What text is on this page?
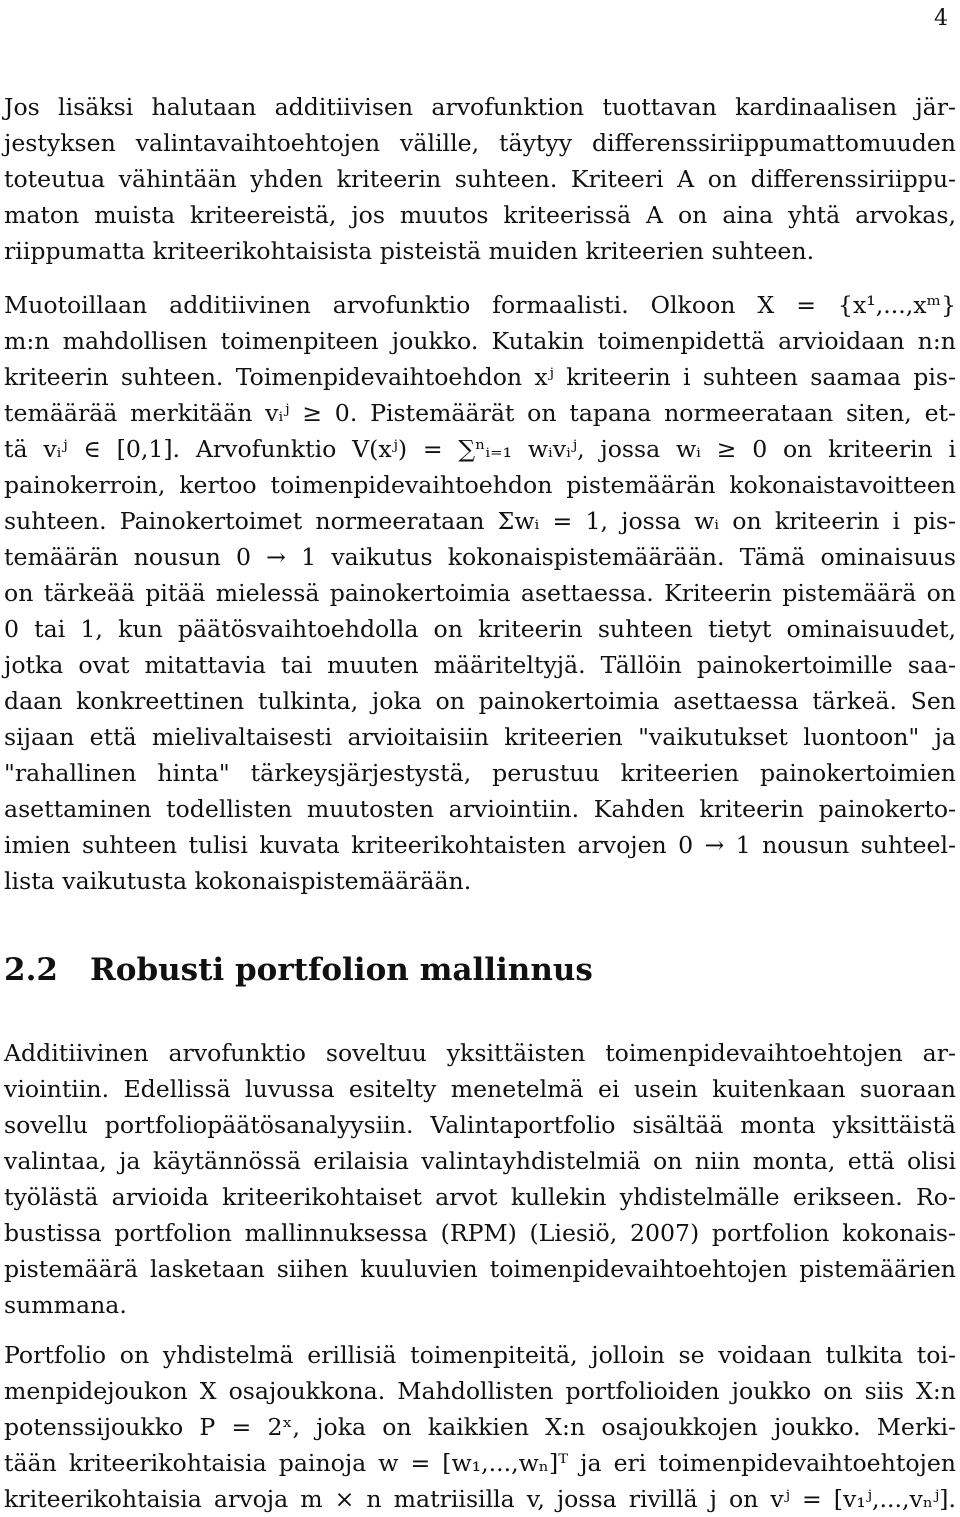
4
Jos lisäksi halutaan additiivisen arvofunktion tuottavan kardinaalisen jär-
jestyksen valintavaihtoehtojen välille, täytyy differenssiriippumattomuuden
toteutua vähintään yhden kriteerin suhteen. Kriteeri A on differenssiriippu-
maton muista kriteereistä, jos muutos kriteerissä A on aina yhtä arvokas,
riippumatta kriteerikohtaisista pisteistä muiden kriteerien suhteen.
Muotoillaan additiivinen arvofunktio formaalisti. Olkoon X = {x¹,...,xᵐ}
m:n mahdollisen toimenpiteen joukko. Kutakin toimenpidettä arvioidaan n:n
kriteerin suhteen. Toimenpidevaihtoehdon xʲ kriteerin i suhteen saamaa pis-
temäärää merkitään vᵢʲ ≥ 0. Pistemäärät on tapana normeerataan siten, et-
tä vᵢʲ ∈ [0,1]. Arvofunktio V(xʲ) = ∑ⁿᵢ₌₁ wᵢvᵢʲ, jossa wᵢ ≥ 0 on kriteerin i
painokerroin, kertoo toimenpidevaihtoehdon pistemäärän kokonaistavoitteen
suhteen. Painokertoimet normeerataan Σwᵢ = 1, jossa wᵢ on kriteerin i pis-
temäärän nousun 0 → 1 vaikutus kokonaispistemäärään. Tämä ominaisuus
on tärkeää pitää mielessä painokertoimia asettaessa. Kriteerin pistemäärä on
0 tai 1, kun päätösvaihtoehdolla on kriteerin suhteen tietyt ominaisuudet,
jotka ovat mitattavia tai muuten määriteltyjä. Tällöin painokertoimille saa-
daan konkreettinen tulkinta, joka on painokertoimia asettaessa tärkeä. Sen
sijaan että mielivaltaisesti arvioitaisiin kriteerien "vaikutukset luontoon" ja
"rahallinen hinta" tärkeysjärjestystä, perustuu kriteerien painokertoimien
asettaminen todellisten muutosten arviointiin. Kahden kriteerin painokerto-
imien suhteen tulisi kuvata kriteerikohtaisten arvojen 0 → 1 nousun suhteel-
lista vaikutusta kokonaispistemäärään.
2.2 Robusti portfolion mallinnus
Additiivinen arvofunktio soveltuu yksittäisten toimenpidevaihtoehtojen ar-
viointiin. Edellissä luvussa esitelty menetelmä ei usein kuitenkaan suoraan
sovellu portfoliopäätösanalyysiin. Valintaportfolio sisältää monta yksittäistä
valintaa, ja käytännössä erilaisia valintayhdistelmiä on niin monta, että olisi
työlästä arvioida kriteerikohtaiset arvot kullekin yhdistelmälle erikseen. Ro-
bustissa portfolion mallinnuksessa (RPM) (Liesiö, 2007) portfolion kokonais-
pistemäärä lasketaan siihen kuuluvien toimenpidevaihtoehtojen pistemäärien
summana.
Portfolio on yhdistelmä erillisiä toimenpiteitä, jolloin se voidaan tulkita toi-
menpidejoukon X osajoukkona. Mahdollisten portfolioiden joukko on siis X:n
potenssijoukko P = 2ˣ, joka on kaikkien X:n osajoukkojen joukko. Merki-
tään kriteerikohtaisia painoja w = [w₁,...,wₙ]ᵀ ja eri toimenpidevaihtoehtojen
kriteerikohtaisia arvoja m × n matriisilla v, jossa rivillä j on vʲ = [v₁ʲ,...,vₙʲ].
